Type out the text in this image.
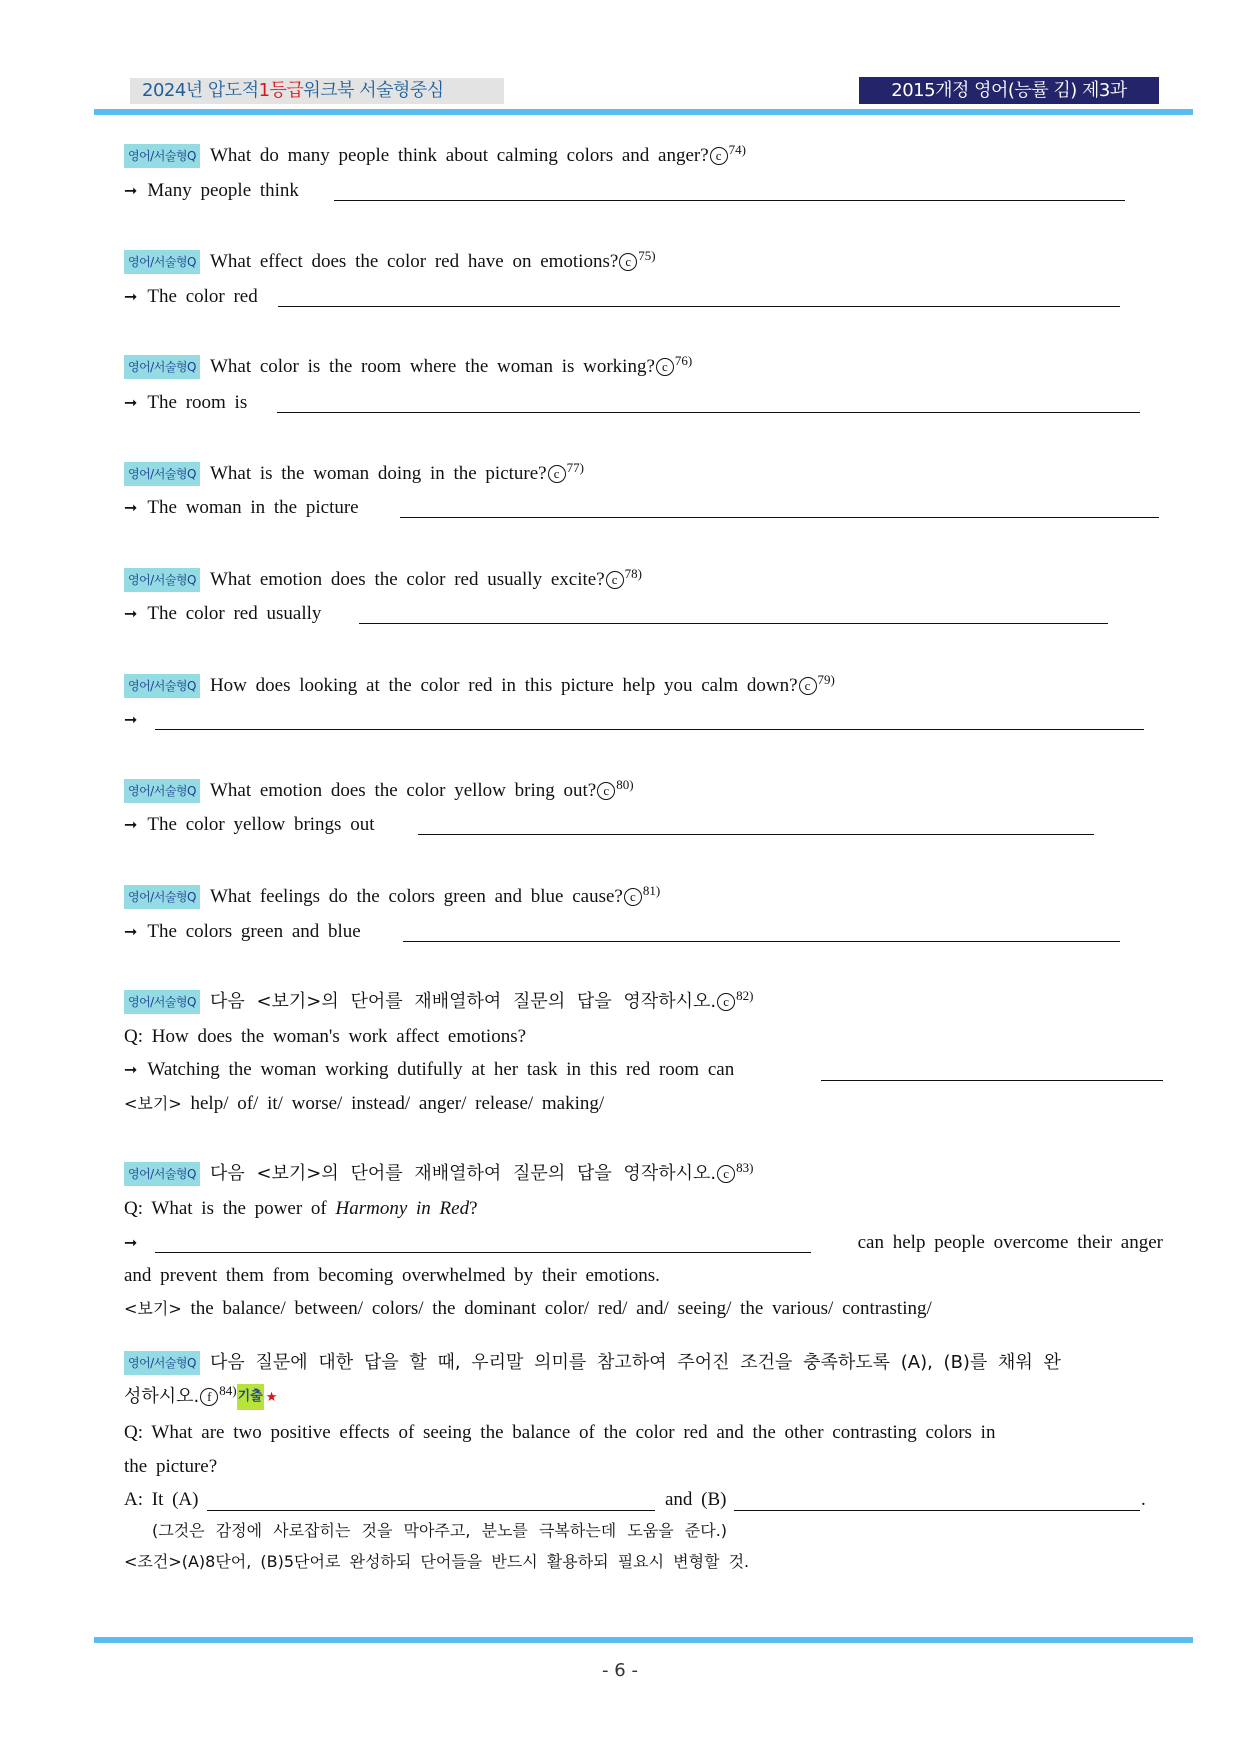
2024년 압도적1등급워크북 서술형중심	2015개정 영어(능률 김) 제3과
영어/서술형Q What do many people think about calming colors and anger? c 74)
➞ Many people think
영어/서술형Q What effect does the color red have on emotions? c 75)
➞ The color red
영어/서술형Q What color is the room where the woman is working? c 76)
➞ The room is
영어/서술형Q What is the woman doing in the picture? c 77)
➞ The woman in the picture
영어/서술형Q What emotion does the color red usually excite? c 78)
➞ The color red usually
영어/서술형Q How does looking at the color red in this picture help you calm down? c 79)
➞
영어/서술형Q What emotion does the color yellow bring out? c 80)
➞ The color yellow brings out
영어/서술형Q What feelings do the colors green and blue cause? c 81)
➞ The colors green and blue
영어/서술형Q 다음 <보기>의 단어를 재배열하여 질문의 답을 영작하시오. c 82)
Q: How does the woman's work affect emotions?
➞ Watching the woman working dutifully at her task in this red room can
<보기>
help/ of/ it/ worse/ instead/ anger/ release/ making/
영어/서술형Q 다음 <보기>의 단어를 재배열하여 질문의 답을 영작하시오. c 83)
Q: What is the power of Harmony in Red ?
➞	can help people overcome their anger
and prevent them from becoming overwhelmed by their emotions.
<보기>
the balance/ between/ colors/ the dominant color/ red/ and/ seeing/ the various/ contrasting/
영어/서술형Q 다음 질문에 대한 답을 할 때, 우리말 의미를 참고하여 주어진 조건을 충족하도록 (A), (B)를 채워 완
성하시오. f 84) 기출 ★
Q: What are two positive effects of seeing the balance of the color red and the other contrasting colors in
the picture?
A: It (A)	and (B)	.
(그것은 감정에 사로잡히는 것을 막아주고, 분노를 극복하는데 도움을 준다.)
<조건>(A)8단어, (B)5단어로 완성하되 단어들을 반드시 활용하되 필요시 변형할 것.
- 6 -
